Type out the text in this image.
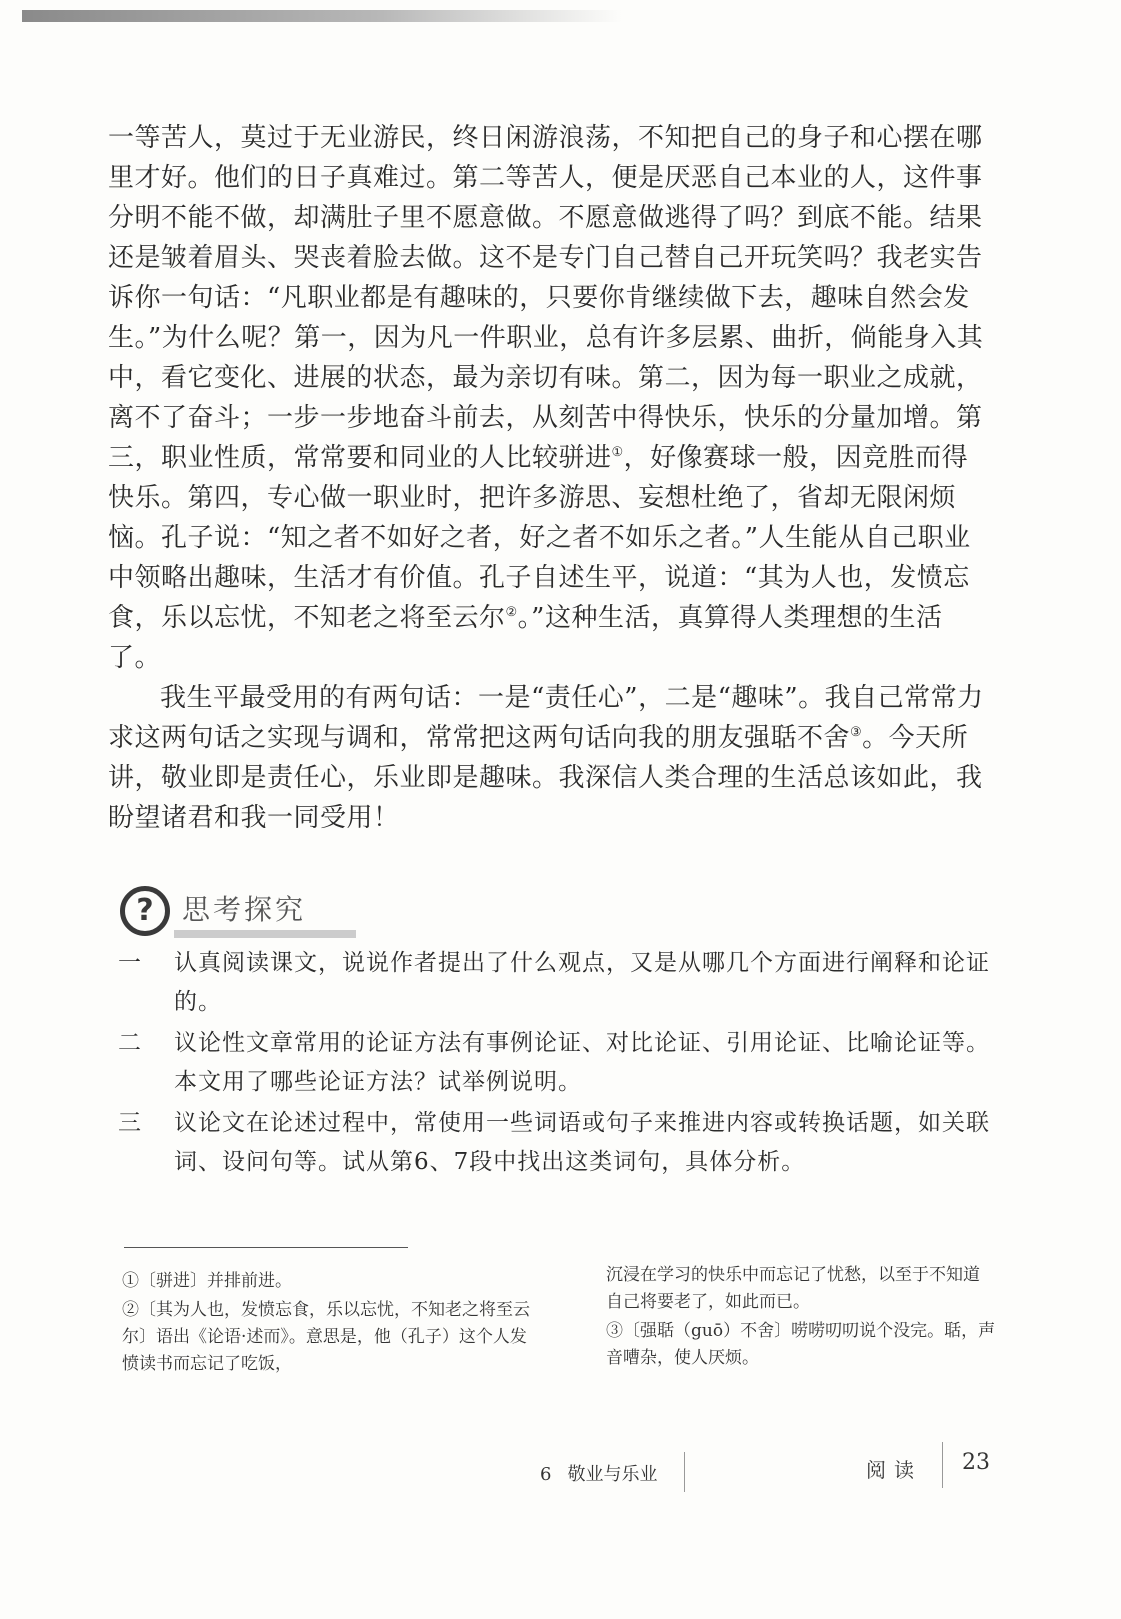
一等苦人，莫过于无业游民，终日闲游浪荡，不知把自己的身子和心摆在哪里才好。他们的日子真难过。第二等苦人，便是厌恶自己本业的人，这件事分明不能不做，却满肚子里不愿意做。不愿意做逃得了吗？到底不能。结果还是皱着眉头、哭丧着脸去做。这不是专门自己替自己开玩笑吗？我老实告诉你一句话：“凡职业都是有趣味的，只要你肯继续做下去，趣味自然会发生。”为什么呢？第一，因为凡一件职业，总有许多层累、曲折，倘能身入其中，看它变化、进展的状态，最为亲切有味。第二，因为每一职业之成就，离不了奋斗；一步一步地奋斗前去，从刻苦中得快乐，快乐的分量加增。第三，职业性质，常常要和同业的人比较骈进①，好像赛球一般，因竞胜而得快乐。第四，专心做一职业时，把许多游思、妄想杜绝了，省却无限闲烦恼。孔子说：“知之者不如好之者，好之者不如乐之者。”人生能从自己职业中领略出趣味，生活才有价值。孔子自述生平，说道：“其为人也，发愤忘食，乐以忘忧，不知老之将至云尔②。”这种生活，真算得人类理想的生活了。

我生平最受用的有两句话：一是“责任心”，二是“趣味”。我自己常常力求这两句话之实现与调和，常常把这两句话向我的朋友强聒不舍③。今天所讲，敬业即是责任心，乐业即是趣味。我深信人类合理的生活总该如此，我盼望诸君和我一同受用！

?	思考探究
一 认真阅读课文，说说作者提出了什么观点，又是从哪几个方面进行阐释和论证的。
二 议论性文章常用的论证方法有事例论证、对比论证、引用论证、比喻论证等。本文用了哪些论证方法？试举例说明。
三 议论文在论述过程中，常使用一些词语或句子来推进内容或转换话题，如关联词、设问句等。试从第6、7段中找出这类词句，具体分析。

①〔骈进〕并排前进。

②〔其为人也，发愤忘食，乐以忘忧，不知老之将至云尔〕语出《论语·述而》。意思是，他（孔子）这个人发愤读书而忘记了吃饭，

沉浸在学习的快乐中而忘记了忧愁，以至于不知道自己将要老了，如此而已。

③〔强聒（guō）不舍〕唠唠叨叨说个没完。聒，声音嘈杂，使人厌烦。

6 敬业与乐业	阅读 23
